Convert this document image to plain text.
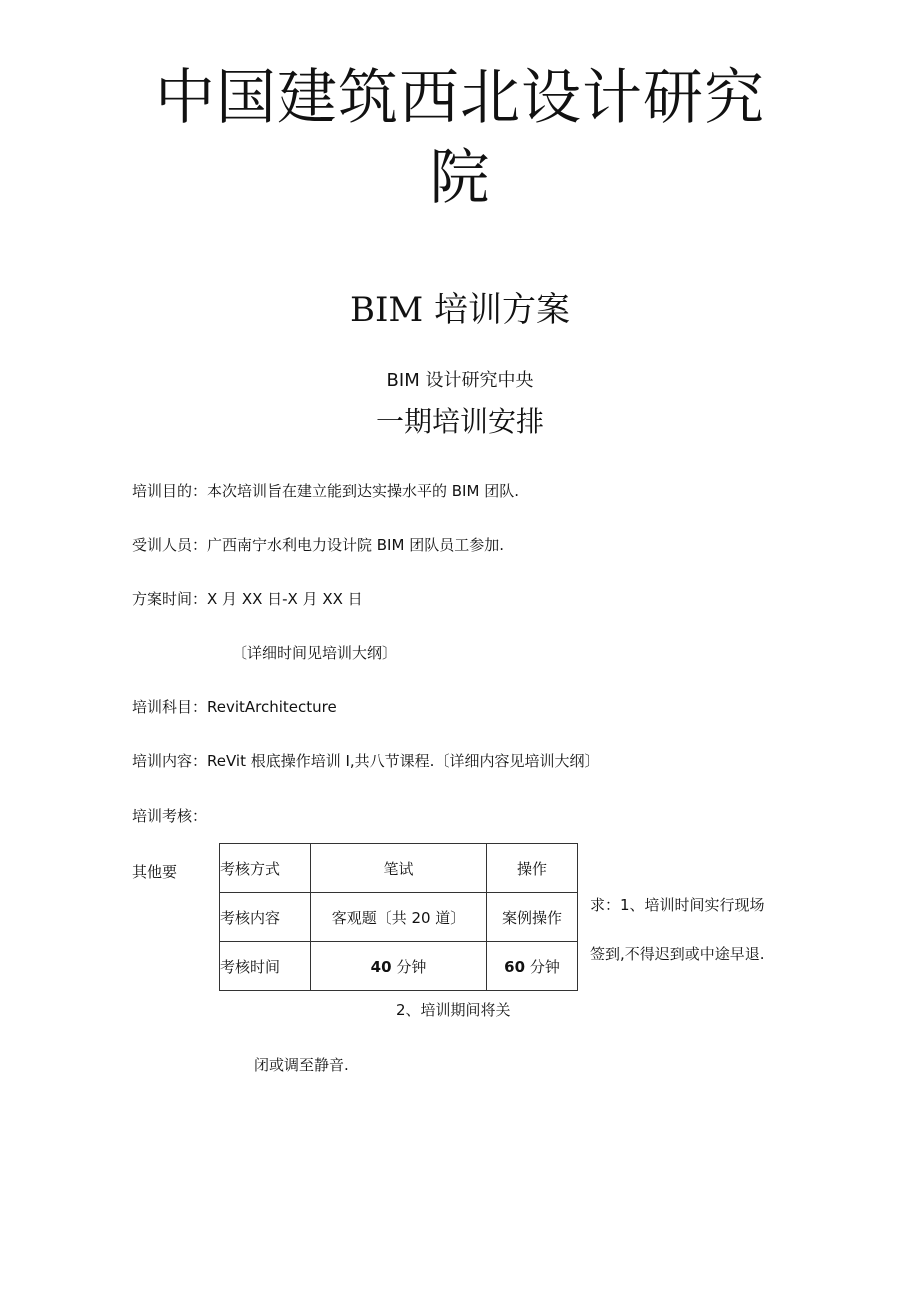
中国建筑西北设计研究
院
BIM 培训方案
BIM 设计研究中央
一期培训安排
培训目的：本次培训旨在建立能到达实操水平的 BIM 团队.
受训人员：广西南宁水利电力设计院 BIM 团队员工参加.
方案时间：X 月 XX 日-X 月 XX 日
〔详细时间见培训大纲〕
培训科目：RevitArchitecture
培训内容：ReVit 根底操作培训 I,共八节课程.〔详细内容见培训大纲〕
培训考核：
其他要	考核方式	笔试	操作
考核内容	客观题〔共 20 道〕	案例操作
考核时间	40 分钟	60 分钟
求：1、培训时间实行现场
签到,不得迟到或中途早退.
2、培训期间将关
闭或调至静音.
